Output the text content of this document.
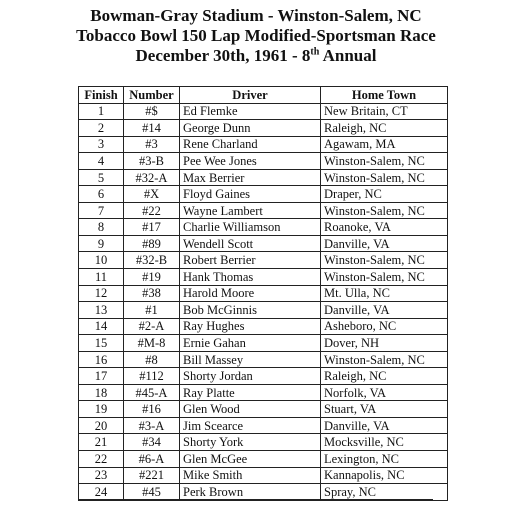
Bowman-Gray Stadium - Winston-Salem, NC
Tobacco Bowl 150 Lap Modified-Sportsman Race
December 30th, 1961 - 8th Annual
Finish	Number	Driver	Home Town
1	#$	Ed Flemke	New Britain, CT
2	#14	George Dunn	Raleigh, NC
3	#3	Rene Charland	Agawam, MA
4	#3-B	Pee Wee Jones	Winston-Salem, NC
5	#32-A	Max Berrier	Winston-Salem, NC
6	#X	Floyd Gaines	Draper, NC
7	#22	Wayne Lambert	Winston-Salem, NC
8	#17	Charlie Williamson	Roanoke, VA
9	#89	Wendell Scott	Danville, VA
10	#32-B	Robert Berrier	Winston-Salem, NC
11	#19	Hank Thomas	Winston-Salem, NC
12	#38	Harold Moore	Mt. Ulla, NC
13	#1	Bob McGinnis	Danville, VA
14	#2-A	Ray Hughes	Asheboro, NC
15	#M-8	Ernie Gahan	Dover, NH
16	#8	Bill Massey	Winston-Salem, NC
17	#112	Shorty Jordan	Raleigh, NC
18	#45-A	Ray Platte	Norfolk, VA
19	#16	Glen Wood	Stuart, VA
20	#3-A	Jim Scearce	Danville, VA
21	#34	Shorty York	Mocksville, NC
22	#6-A	Glen McGee	Lexington, NC
23	#221	Mike Smith	Kannapolis, NC
24	#45	Perk Brown	Spray, NC
